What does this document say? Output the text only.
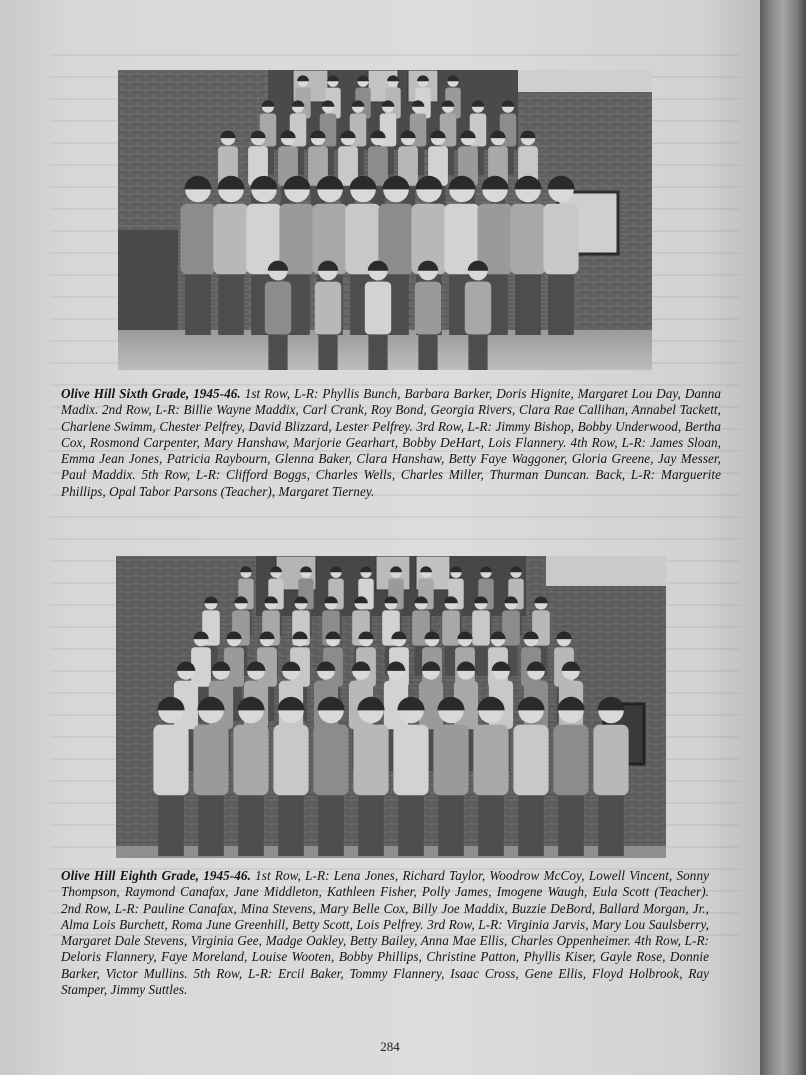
Olive Hill Sixth Grade, 1945-46. 1st Row, L-R: Phyllis Bunch, Barbara Barker, Doris Hignite, Margaret Lou Day, Danna Madix. 2nd Row, L-R: Billie Wayne Maddix, Carl Crank, Roy Bond, Georgia Rivers, Clara Rae Callihan, Annabel Tackett, Charlene Swimm, Chester Pelfrey, David Blizzard, Lester Pelfrey. 3rd Row, L-R: Jimmy Bishop, Bobby Underwood, Bertha Cox, Rosmond Carpenter, Mary Hanshaw, Marjorie Gearhart, Bobby DeHart, Lois Flannery. 4th Row, L-R: James Sloan, Emma Jean Jones, Patricia Raybourn, Glenna Baker, Clara Hanshaw, Betty Faye Waggoner, Gloria Greene, Jay Messer, Paul Maddix. 5th Row, L-R: Clifford Boggs, Charles Wells, Charles Miller, Thurman Duncan. Back, L-R: Marguerite Phillips, Opal Tabor Parsons (Teacher), Margaret Tierney.

Olive Hill Eighth Grade, 1945-46. 1st Row, L-R: Lena Jones, Richard Taylor, Woodrow McCoy, Lowell Vincent, Sonny Thompson, Raymond Canafax, Jane Middleton, Kathleen Fisher, Polly James, Imogene Waugh, Eula Scott (Teacher). 2nd Row, L-R: Pauline Canafax, Mina Stevens, Mary Belle Cox, Billy Joe Maddix, Buzzie DeBord, Ballard Morgan, Jr., Alma Lois Burchett, Roma June Greenhill, Betty Scott, Lois Pelfrey. 3rd Row, L-R: Virginia Jarvis, Mary Lou Saulsberry, Margaret Dale Stevens, Virginia Gee, Madge Oakley, Betty Bailey, Anna Mae Ellis, Charles Oppenheimer. 4th Row, L-R: Deloris Flannery, Faye Moreland, Louise Wooten, Bobby Phillips, Christine Patton, Phyllis Kiser, Gayle Rose, Donnie Barker, Victor Mullins. 5th Row, L-R: Ercil Baker, Tommy Flannery, Isaac Cross, Gene Ellis, Floyd Holbrook, Ray Stamper, Jimmy Suttles.

284
